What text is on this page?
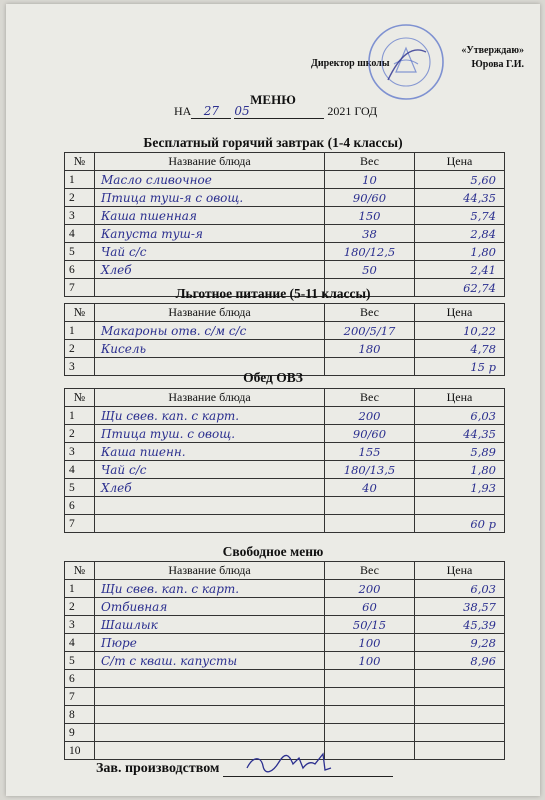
«Утверждаю»
Юрова Г.И.
Директор школы
МЕНЮ
НА 27 05	2021 ГОД
Бесплатный горячий завтрак (1-4 классы)
№	Название блюда	Вес	Цена
1	Масло сливочное	10	5,60
2	Птица туш-я с овощ.	90/60	44,35
3	Каша пшенная	150	5,74
4	Капуста туш-я	38	2,84
5	Чай с/с	180/12,5	1,80
6	Хлеб	50	2,41
7			62,74
Льготное питание (5-11 классы)
№	Название блюда	Вес	Цена
1	Макароны отв. с/м с/с	200/5/17	10,22
2	Кисель	180	4,78
3			15 р
Обед ОВЗ
№	Название блюда	Вес	Цена
1	Щи свев. кап. с карт.	200	6,03
2	Птица туш. с овощ.	90/60	44,35
3	Каша пшенн.	155	5,89
4	Чай с/с	180/13,5	1,80
5	Хлеб	40	1,93
6			
7			60 р
Свободное меню
№	Название блюда	Вес	Цена
1	Щи свев. кап. с карт.	200	6,03
2	Отбивная	60	38,57
3	Шашлык	50/15	45,39
4	Пюре	100	9,28
5	С/т с кваш. капусты	100	8,96
6			
7			
8			
9			
10			
Зав. производством
